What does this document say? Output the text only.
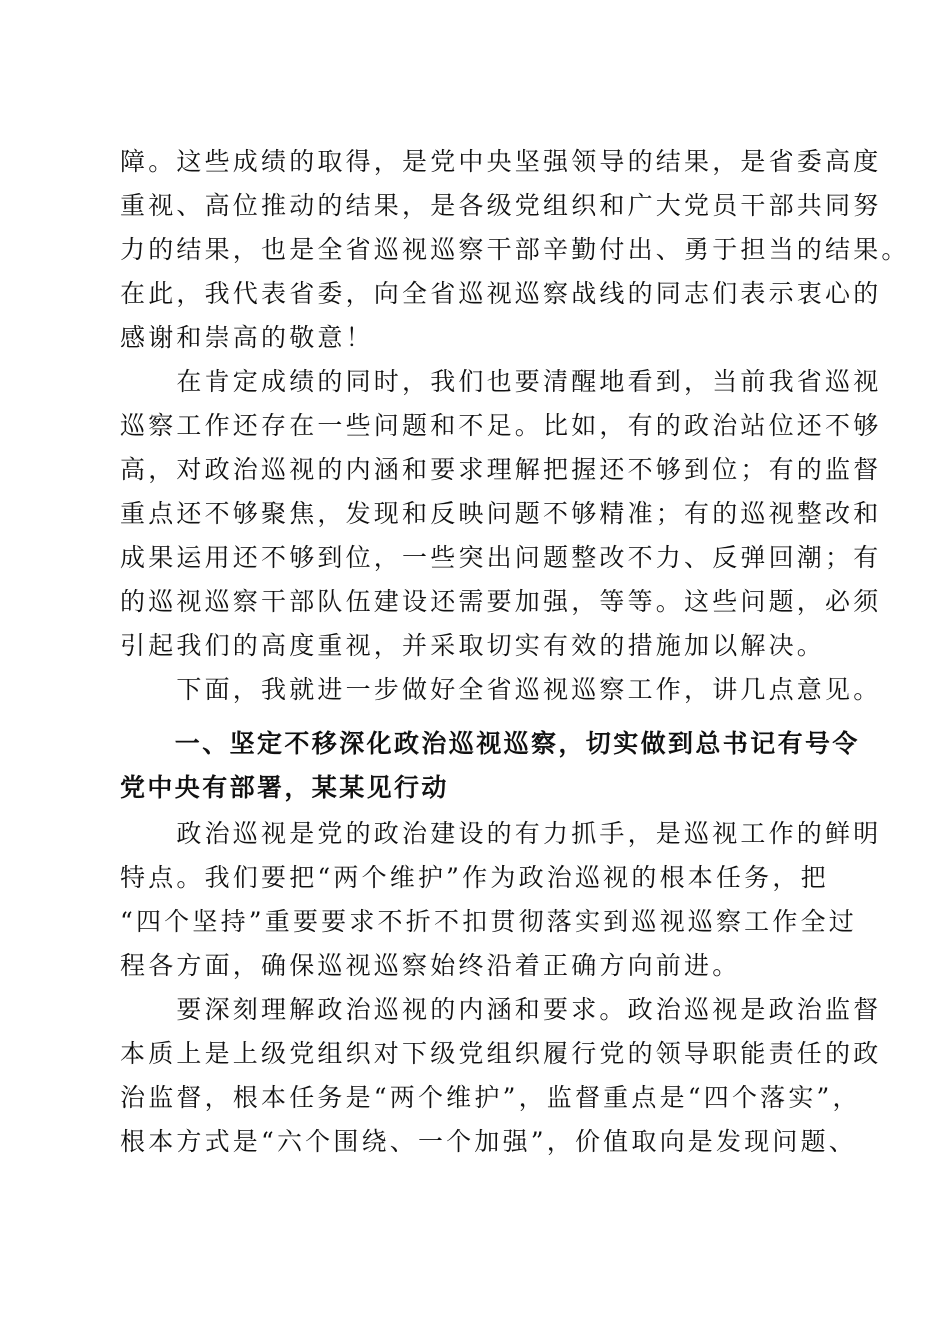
障。这些成绩的取得，是党中央坚强领导的结果，是省委高度
重视、高位推动的结果，是各级党组织和广大党员干部共同努
力的结果，也是全省巡视巡察干部辛勤付出、勇于担当的结果。
在此，我代表省委，向全省巡视巡察战线的同志们表示衷心的
感谢和崇高的敬意！
　　在肯定成绩的同时，我们也要清醒地看到，当前我省巡视
巡察工作还存在一些问题和不足。比如，有的政治站位还不够
高，对政治巡视的内涵和要求理解把握还不够到位；有的监督
重点还不够聚焦，发现和反映问题不够精准；有的巡视整改和
成果运用还不够到位，一些突出问题整改不力、反弹回潮；有
的巡视巡察干部队伍建设还需要加强，等等。这些问题，必须
引起我们的高度重视，并采取切实有效的措施加以解决。
　　下面，我就进一步做好全省巡视巡察工作，讲几点意见。
　　一、坚定不移深化政治巡视巡察，切实做到总书记有号令
党中央有部署，某某见行动
　　政治巡视是党的政治建设的有力抓手，是巡视工作的鲜明
特点。我们要把“两个维护”作为政治巡视的根本任务，把
“四个坚持”重要要求不折不扣贯彻落实到巡视巡察工作全过
程各方面，确保巡视巡察始终沿着正确方向前进。
　　要深刻理解政治巡视的内涵和要求。政治巡视是政治监督
本质上是上级党组织对下级党组织履行党的领导职能责任的政
治监督，根本任务是“两个维护”，监督重点是“四个落实”，
根本方式是“六个围绕、一个加强”，价值取向是发现问题、
